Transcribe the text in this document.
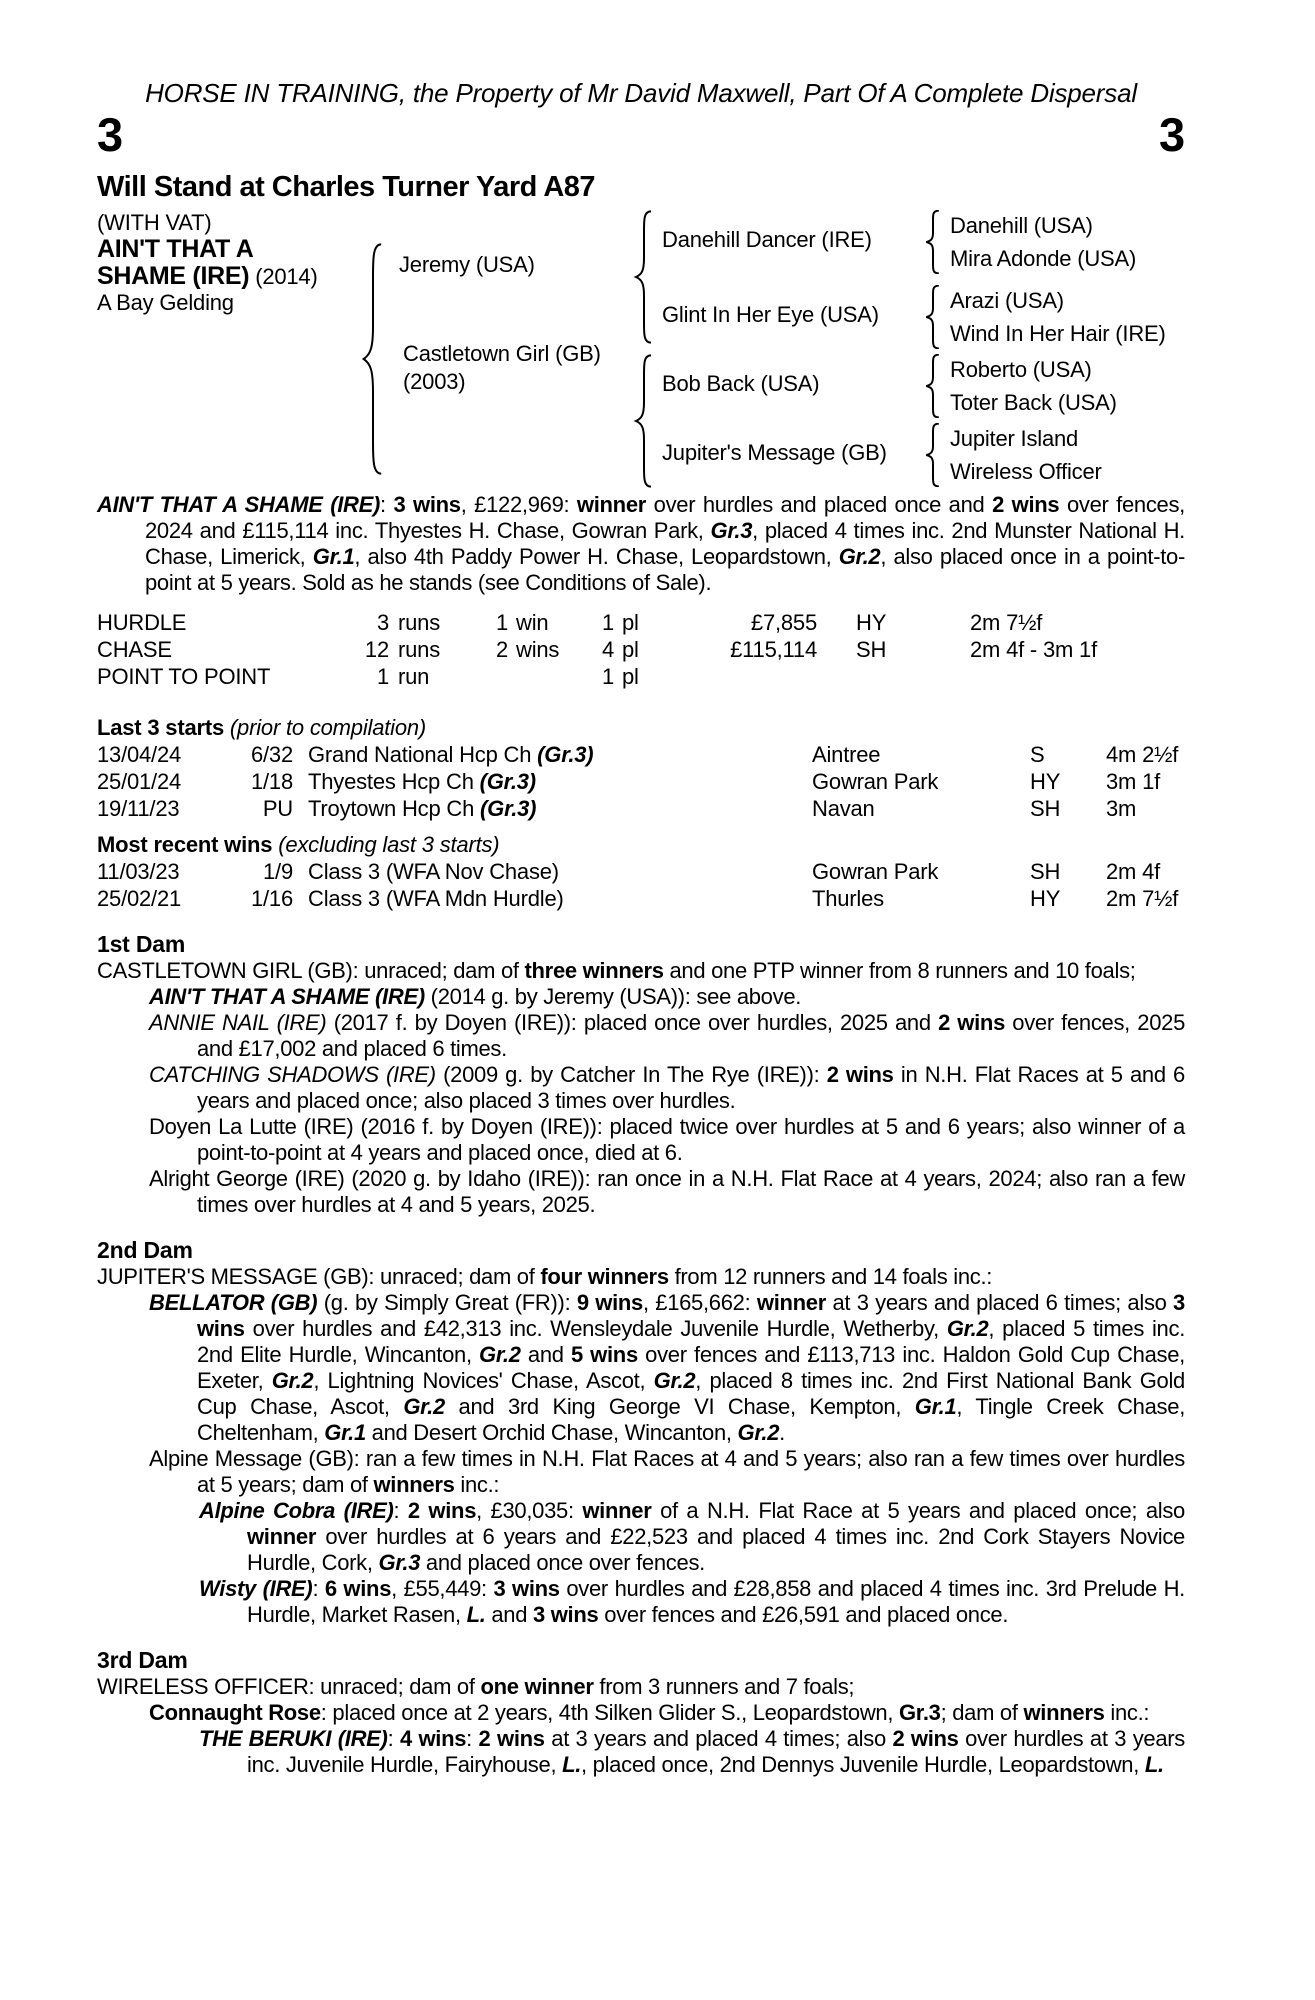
HORSE IN TRAINING, the Property of Mr David Maxwell, Part Of A Complete Dispersal
3	3
Will Stand at Charles Turner Yard A87
(WITH VAT)
AIN'T THAT A
SHAME (IRE) (2014)
A Bay Gelding
Jeremy (USA)
Castletown Girl (GB)
(2003)
Danehill Dancer (IRE)
Glint In Her Eye (USA)
Bob Back (USA)
Jupiter's Message (GB)
Danehill (USA)
Mira Adonde (USA)
Arazi (USA)
Wind In Her Hair (IRE)
Roberto (USA)
Toter Back (USA)
Jupiter Island
Wireless Officer
AIN'T THAT A SHAME (IRE): 3 wins, £122,969: winner over hurdles and placed once and 2 wins over fences, 2024 and £115,114 inc. Thyestes H. Chase, Gowran Park, Gr.3, placed 4 times inc. 2nd Munster National H. Chase, Limerick, Gr.1, also 4th Paddy Power H. Chase, Leopardstown, Gr.2, also placed once in a point-to-point at 5 years. Sold as he stands (see Conditions of Sale).
HURDLE	3 runs	1 win	1 pl	£7,855	HY	2m 7½f
CHASE	12 runs	2 wins	4 pl	£115,114	SH	2m 4f - 3m 1f
POINT TO POINT	1 run	1 pl
Last 3 starts (prior to compilation)
13/04/24	6/32 Grand National Hcp Ch (Gr.3)	Aintree	S	4m 2½f
25/01/24	1/18 Thyestes Hcp Ch (Gr.3)	Gowran Park	HY	3m 1f
19/11/23	PU Troytown Hcp Ch (Gr.3)	Navan	SH	3m
Most recent wins (excluding last 3 starts)
11/03/23	1/9 Class 3 (WFA Nov Chase)	Gowran Park	SH	2m 4f
25/02/21	1/16 Class 3 (WFA Mdn Hurdle)	Thurles	HY	2m 7½f
1st Dam
CASTLETOWN GIRL (GB): unraced; dam of three winners and one PTP winner from 8 runners and 10 foals;
AIN'T THAT A SHAME (IRE) (2014 g. by Jeremy (USA)): see above.
ANNIE NAIL (IRE) (2017 f. by Doyen (IRE)): placed once over hurdles, 2025 and 2 wins over fences, 2025 and £17,002 and placed 6 times.
CATCHING SHADOWS (IRE) (2009 g. by Catcher In The Rye (IRE)): 2 wins in N.H. Flat Races at 5 and 6 years and placed once; also placed 3 times over hurdles.
Doyen La Lutte (IRE) (2016 f. by Doyen (IRE)): placed twice over hurdles at 5 and 6 years; also winner of a point-to-point at 4 years and placed once, died at 6.
Alright George (IRE) (2020 g. by Idaho (IRE)): ran once in a N.H. Flat Race at 4 years, 2024; also ran a few times over hurdles at 4 and 5 years, 2025.
2nd Dam
JUPITER'S MESSAGE (GB): unraced; dam of four winners from 12 runners and 14 foals inc.:
BELLATOR (GB) (g. by Simply Great (FR)): 9 wins, £165,662: winner at 3 years and placed 6 times; also 3 wins over hurdles and £42,313 inc. Wensleydale Juvenile Hurdle, Wetherby, Gr.2, placed 5 times inc. 2nd Elite Hurdle, Wincanton, Gr.2 and 5 wins over fences and £113,713 inc. Haldon Gold Cup Chase, Exeter, Gr.2, Lightning Novices' Chase, Ascot, Gr.2, placed 8 times inc. 2nd First National Bank Gold Cup Chase, Ascot, Gr.2 and 3rd King George VI Chase, Kempton, Gr.1, Tingle Creek Chase, Cheltenham, Gr.1 and Desert Orchid Chase, Wincanton, Gr.2.
Alpine Message (GB): ran a few times in N.H. Flat Races at 4 and 5 years; also ran a few times over hurdles at 5 years; dam of winners inc.:
Alpine Cobra (IRE): 2 wins, £30,035: winner of a N.H. Flat Race at 5 years and placed once; also winner over hurdles at 6 years and £22,523 and placed 4 times inc. 2nd Cork Stayers Novice Hurdle, Cork, Gr.3 and placed once over fences.
Wisty (IRE): 6 wins, £55,449: 3 wins over hurdles and £28,858 and placed 4 times inc. 3rd Prelude H. Hurdle, Market Rasen, L. and 3 wins over fences and £26,591 and placed once.
3rd Dam
WIRELESS OFFICER: unraced; dam of one winner from 3 runners and 7 foals;
Connaught Rose: placed once at 2 years, 4th Silken Glider S., Leopardstown, Gr.3; dam of winners inc.:
THE BERUKI (IRE): 4 wins: 2 wins at 3 years and placed 4 times; also 2 wins over hurdles at 3 years inc. Juvenile Hurdle, Fairyhouse, L., placed once, 2nd Dennys Juvenile Hurdle, Leopardstown, L.
